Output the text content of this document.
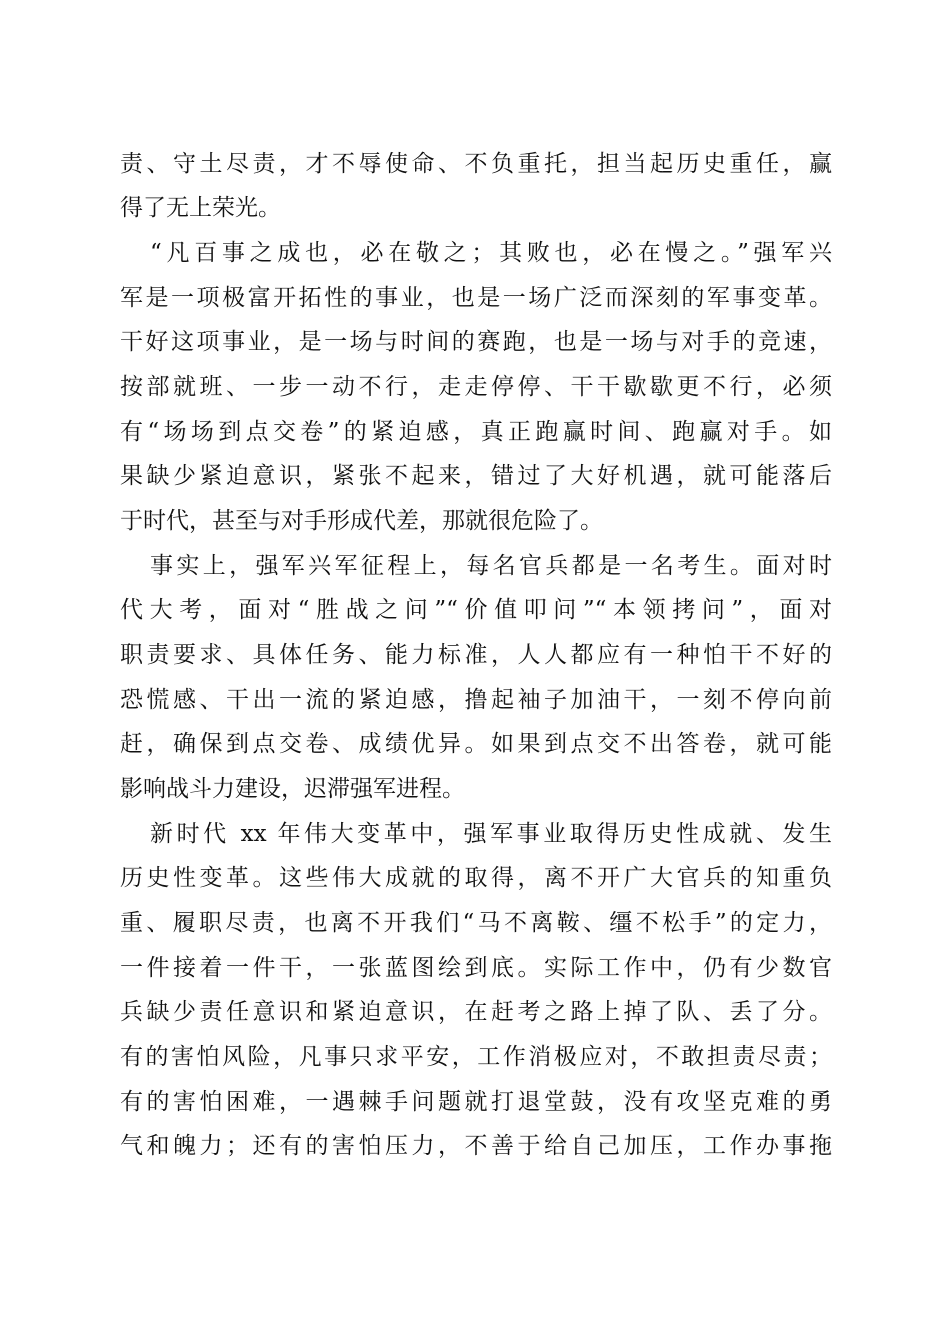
责、守土尽责，才不辱使命、不负重托，担当起历史重任，赢
得了无上荣光。
“凡百事之成也，必在敬之；其败也，必在慢之。”强军兴
军是一项极富开拓性的事业，也是一场广泛而深刻的军事变革。
干好这项事业，是一场与时间的赛跑，也是一场与对手的竞速，
按部就班、一步一动不行，走走停停、干干歇歇更不行，必须
有“场场到点交卷”的紧迫感，真正跑赢时间、跑赢对手。如
果缺少紧迫意识，紧张不起来，错过了大好机遇，就可能落后
于时代，甚至与对手形成代差，那就很危险了。
事实上，强军兴军征程上，每名官兵都是一名考生。面对时
代大考，面对“胜战之问”“价值叩问”“本领拷问”，面对
职责要求、具体任务、能力标准，人人都应有一种怕干不好的
恐慌感、干出一流的紧迫感，撸起袖子加油干，一刻不停向前
赶，确保到点交卷、成绩优异。如果到点交不出答卷，就可能
影响战斗力建设，迟滞强军进程。
新时代 xx 年伟大变革中，强军事业取得历史性成就、发生
历史性变革。这些伟大成就的取得，离不开广大官兵的知重负
重、履职尽责，也离不开我们“马不离鞍、缰不松手”的定力，
一件接着一件干，一张蓝图绘到底。实际工作中，仍有少数官
兵缺少责任意识和紧迫意识，在赶考之路上掉了队、丢了分。
有的害怕风险，凡事只求平安，工作消极应对，不敢担责尽责；
有的害怕困难，一遇棘手问题就打退堂鼓，没有攻坚克难的勇
气和魄力；还有的害怕压力，不善于给自己加压，工作办事拖
